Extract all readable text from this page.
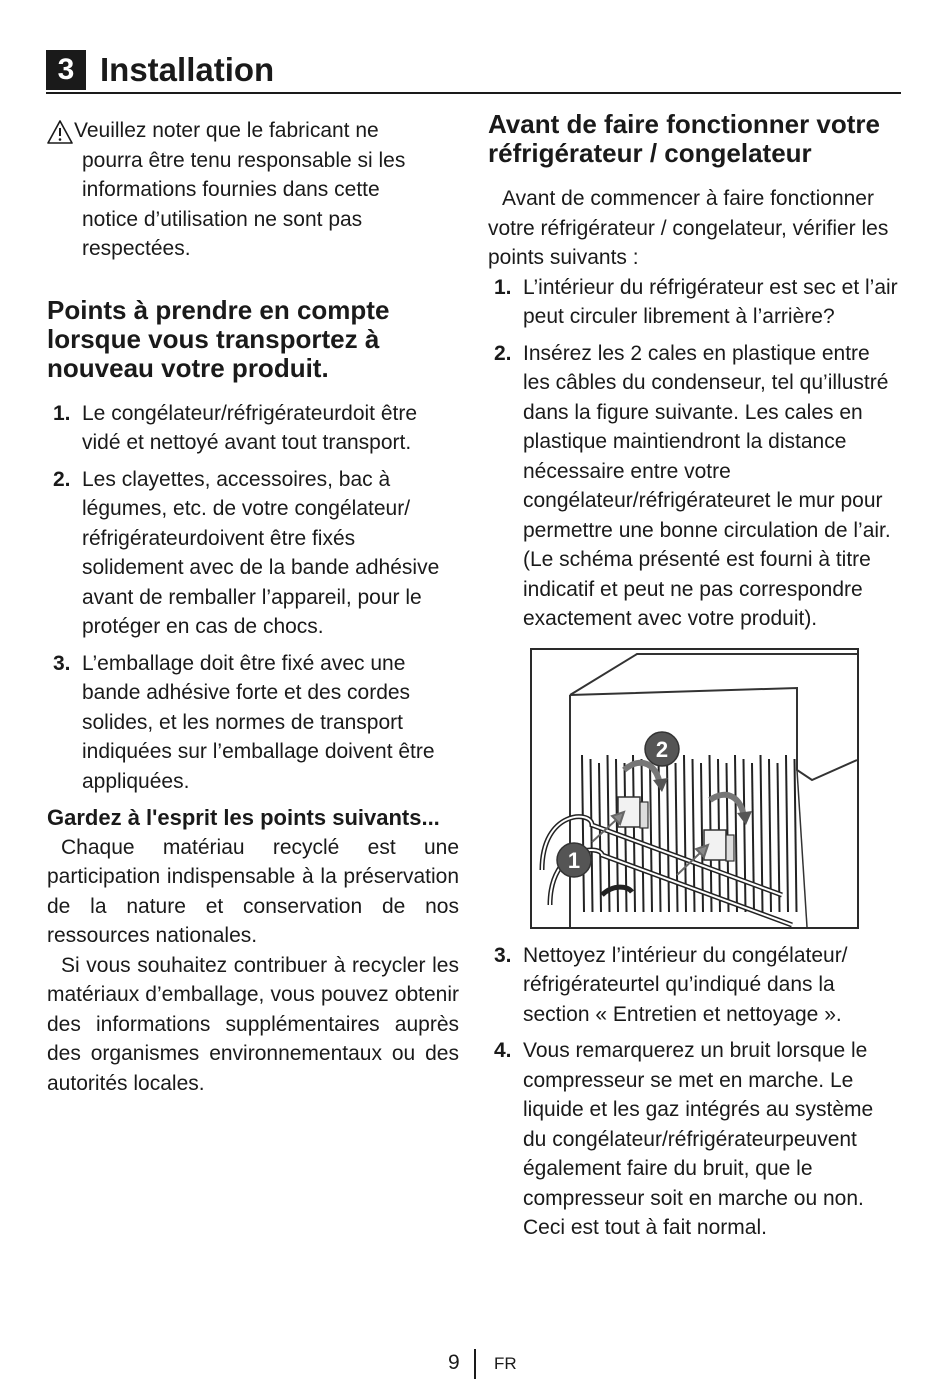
3 Installation
Veuillez noter que le fabricant ne
pourra être tenu responsable si les
informations fournies dans cette
notice d’utilisation ne sont pas
respectées.
Points à prendre en compte lorsque vous transportez à nouveau votre produit.
1. Le congélateur/réfrigérateurdoit être vidé et nettoyé avant tout transport.
2. Les clayettes, accessoires, bac à légumes, etc. de votre congélateur/ réfrigérateurdoivent être fixés solidement avec de la bande adhésive avant de remballer l’appareil, pour le protéger en cas de chocs.
3. L’emballage doit être fixé avec une bande adhésive forte et des cordes solides, et les normes de transport indiquées sur l’emballage doivent être appliquées.
Gardez à l'esprit les points suivants...

Chaque matériau recyclé est une participation indispensable à la préservation de la nature et conservation de nos ressources nationales.

Si vous souhaitez contribuer à recycler les matériaux d’emballage, vous pouvez obtenir des informations supplémentaires auprès des organismes environnementaux ou des autorités locales.

Avant de faire fonctionner votre réfrigérateur / congelateur

Avant de commencer à faire fonctionner votre réfrigérateur / congelateur, vérifier les points suivants :

1. L’intérieur du réfrigérateur est sec et l’air peut circuler librement à l’arrière?
2. Insérez les 2 cales en plastique entre les câbles du condenseur, tel qu’illustré dans la figure suivante. Les cales en plastique maintiendront la distance nécessaire entre votre congélateur/réfrigérateuret le mur pour permettre une bonne circulation de l’air. (Le schéma présenté est fourni à titre indicatif et peut ne pas correspondre exactement avec votre produit).
2
1
3. Nettoyez l’intérieur du congélateur/ réfrigérateurtel qu’indiqué dans la section « Entretien et nettoyage ».
4. Vous remarquerez un bruit lorsque le compresseur se met en marche. Le liquide et les gaz intégrés au système du congélateur/réfrigérateurpeuvent également faire du bruit, que le compresseur soit en marche ou non. Ceci est tout à fait normal.
9 FR
